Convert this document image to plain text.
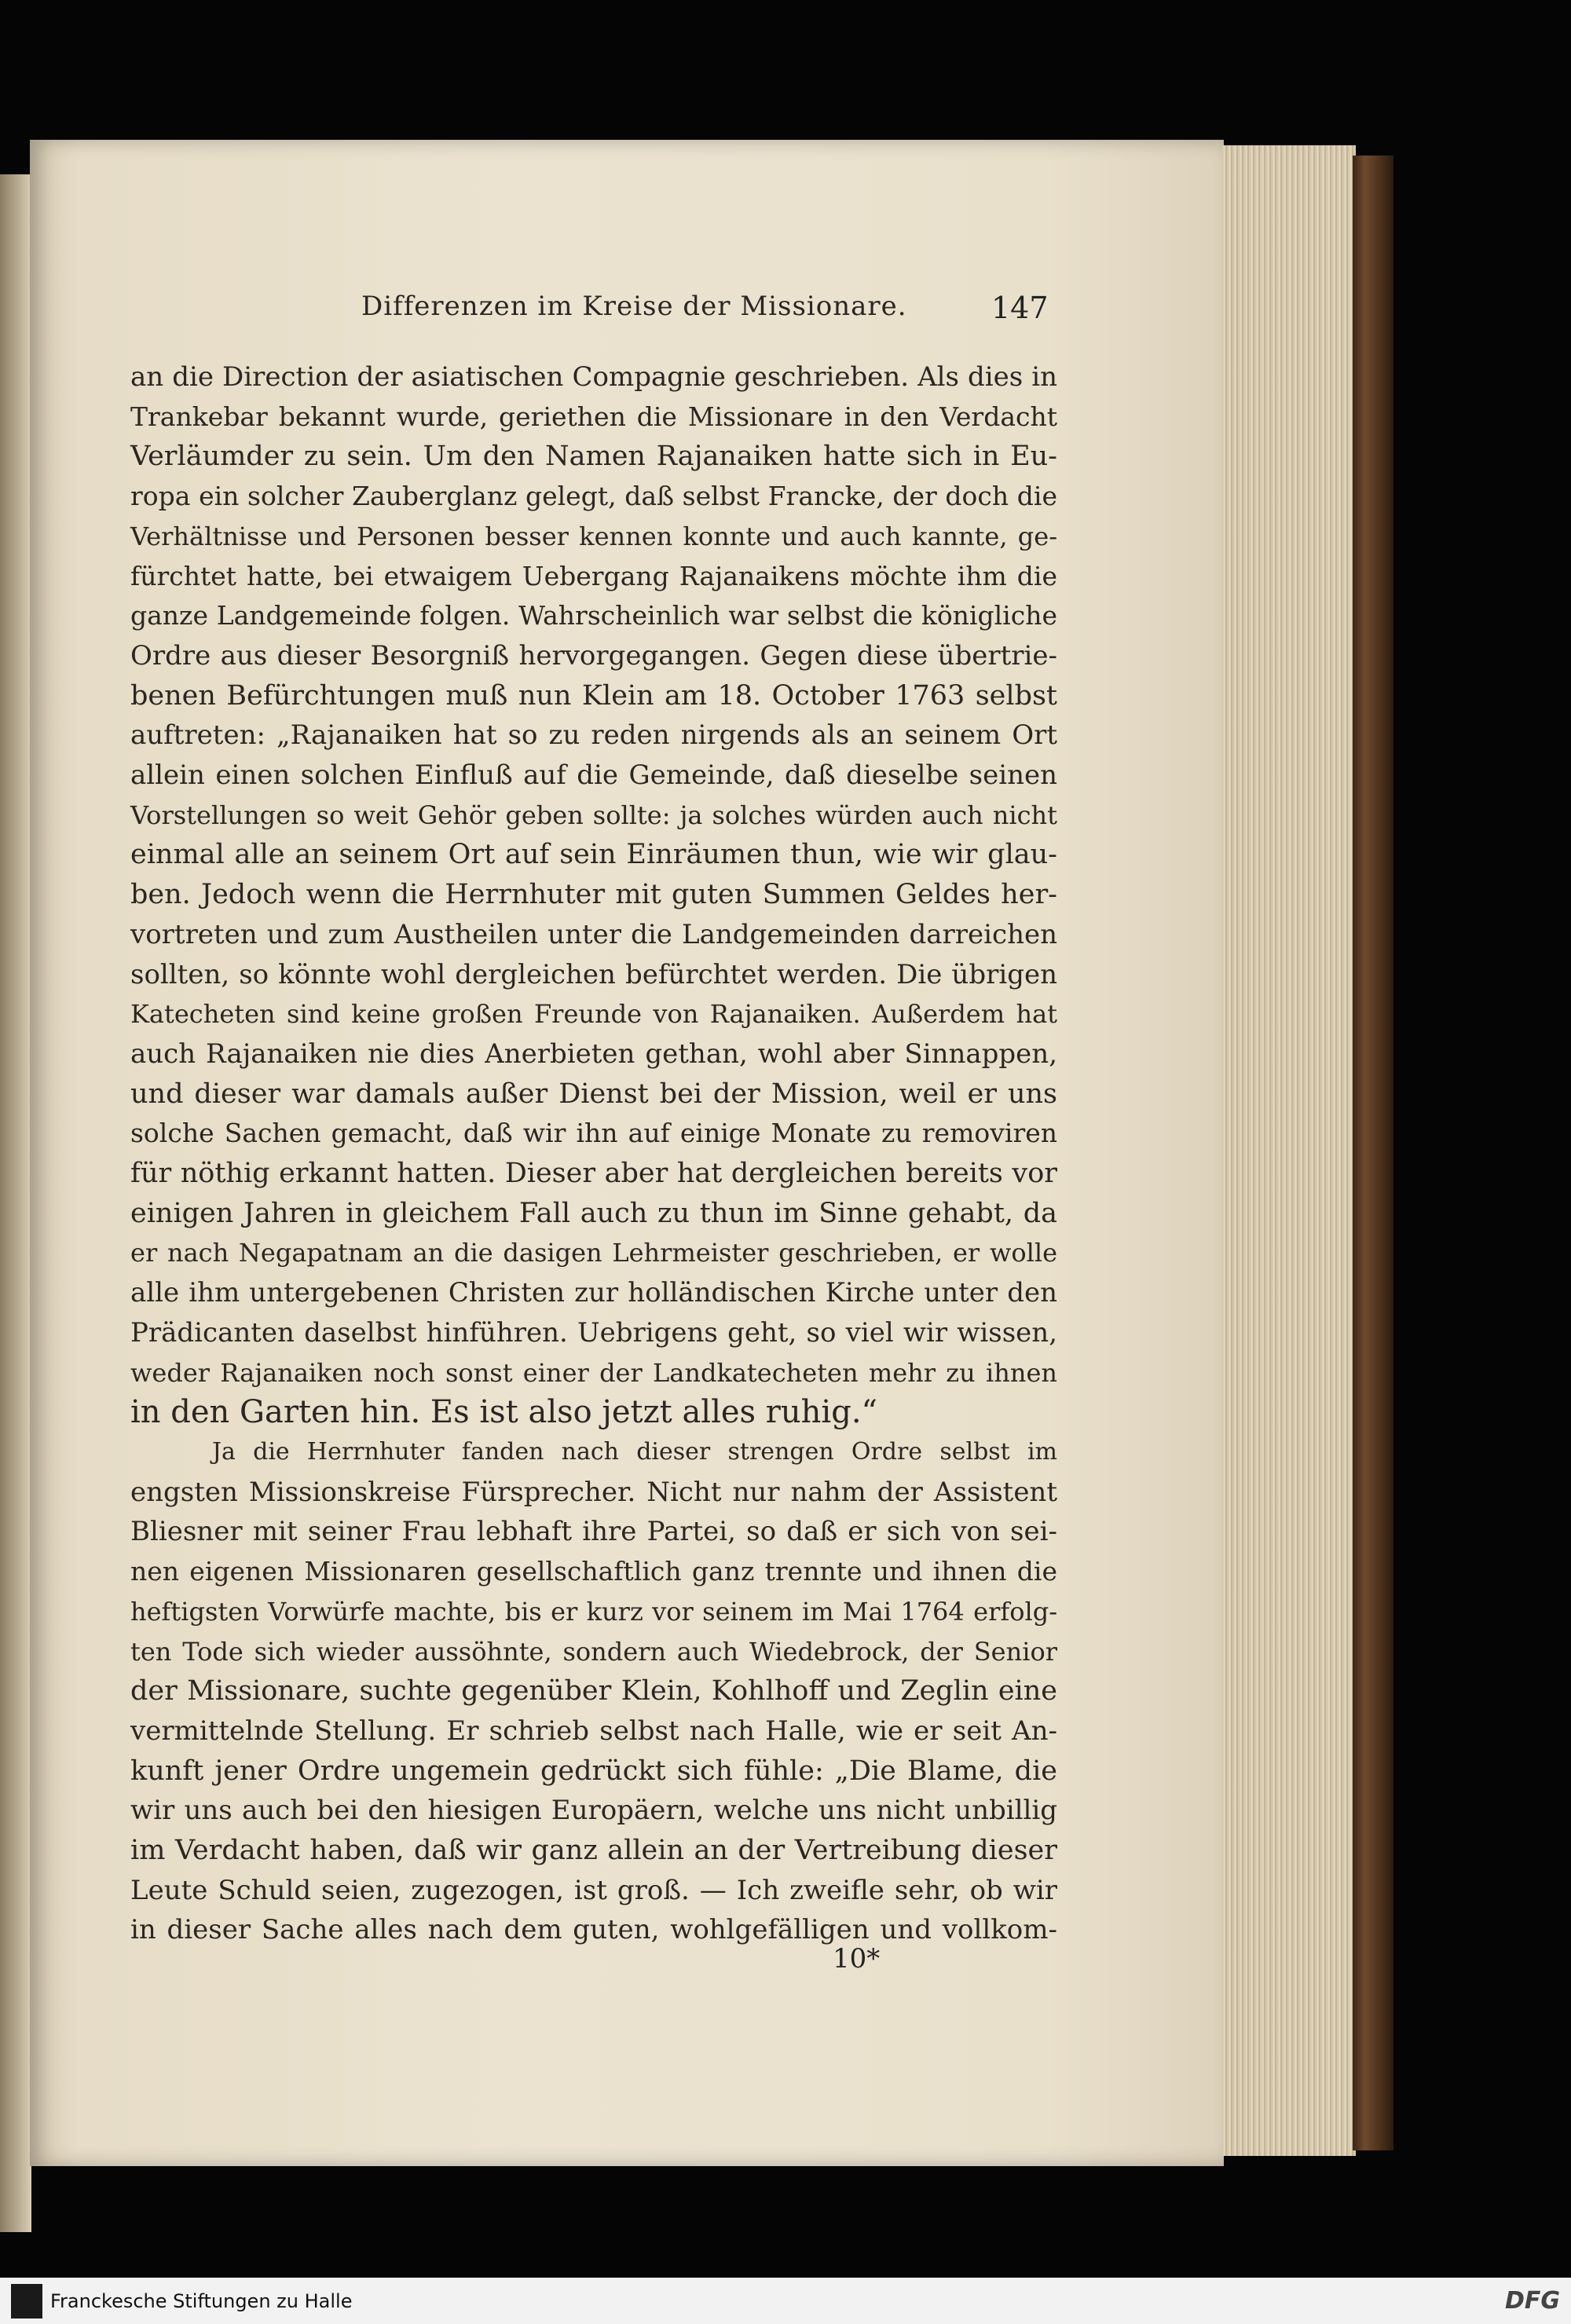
Differenzen im Kreise der Missionare.	147
an die Direction der asiatischen Compagnie geschrieben. Als dies in
Trankebar bekannt wurde, geriethen die Missionare in den Verdacht
Verläumder zu sein. Um den Namen Rajanaiken hatte sich in Eu-
ropa ein solcher Zauberglanz gelegt, daß selbst Francke, der doch die
Verhältnisse und Personen besser kennen konnte und auch kannte, ge-
fürchtet hatte, bei etwaigem Uebergang Rajanaikens möchte ihm die
ganze Landgemeinde folgen. Wahrscheinlich war selbst die königliche
Ordre aus dieser Besorgniß hervorgegangen. Gegen diese übertrie-
benen Befürchtungen muß nun Klein am 18. October 1763 selbst
auftreten: „Rajanaiken hat so zu reden nirgends als an seinem Ort
allein einen solchen Einfluß auf die Gemeinde, daß dieselbe seinen
Vorstellungen so weit Gehör geben sollte: ja solches würden auch nicht
einmal alle an seinem Ort auf sein Einräumen thun, wie wir glau-
ben. Jedoch wenn die Herrnhuter mit guten Summen Geldes her-
vortreten und zum Austheilen unter die Landgemeinden darreichen
sollten, so könnte wohl dergleichen befürchtet werden. Die übrigen
Katecheten sind keine großen Freunde von Rajanaiken. Außerdem hat
auch Rajanaiken nie dies Anerbieten gethan, wohl aber Sinnappen,
und dieser war damals außer Dienst bei der Mission, weil er uns
solche Sachen gemacht, daß wir ihn auf einige Monate zu removiren
für nöthig erkannt hatten. Dieser aber hat dergleichen bereits vor
einigen Jahren in gleichem Fall auch zu thun im Sinne gehabt, da
er nach Negapatnam an die dasigen Lehrmeister geschrieben, er wolle
alle ihm untergebenen Christen zur holländischen Kirche unter den
Prädicanten daselbst hinführen. Uebrigens geht, so viel wir wissen,
weder Rajanaiken noch sonst einer der Landkatecheten mehr zu ihnen
in den Garten hin. Es ist also jetzt alles ruhig.“
Ja die Herrnhuter fanden nach dieser strengen Ordre selbst im
engsten Missionskreise Fürsprecher. Nicht nur nahm der Assistent
Bliesner mit seiner Frau lebhaft ihre Partei, so daß er sich von sei-
nen eigenen Missionaren gesellschaftlich ganz trennte und ihnen die
heftigsten Vorwürfe machte, bis er kurz vor seinem im Mai 1764 erfolg-
ten Tode sich wieder aussöhnte, sondern auch Wiedebrock, der Senior
der Missionare, suchte gegenüber Klein, Kohlhoff und Zeglin eine
vermittelnde Stellung. Er schrieb selbst nach Halle, wie er seit An-
kunft jener Ordre ungemein gedrückt sich fühle: „Die Blame, die
wir uns auch bei den hiesigen Europäern, welche uns nicht unbillig
im Verdacht haben, daß wir ganz allein an der Vertreibung dieser
Leute Schuld seien, zugezogen, ist groß. — Ich zweifle sehr, ob wir
in dieser Sache alles nach dem guten, wohlgefälligen und vollkom-
10*
Franckesche Stiftungen zu Halle	DFG
